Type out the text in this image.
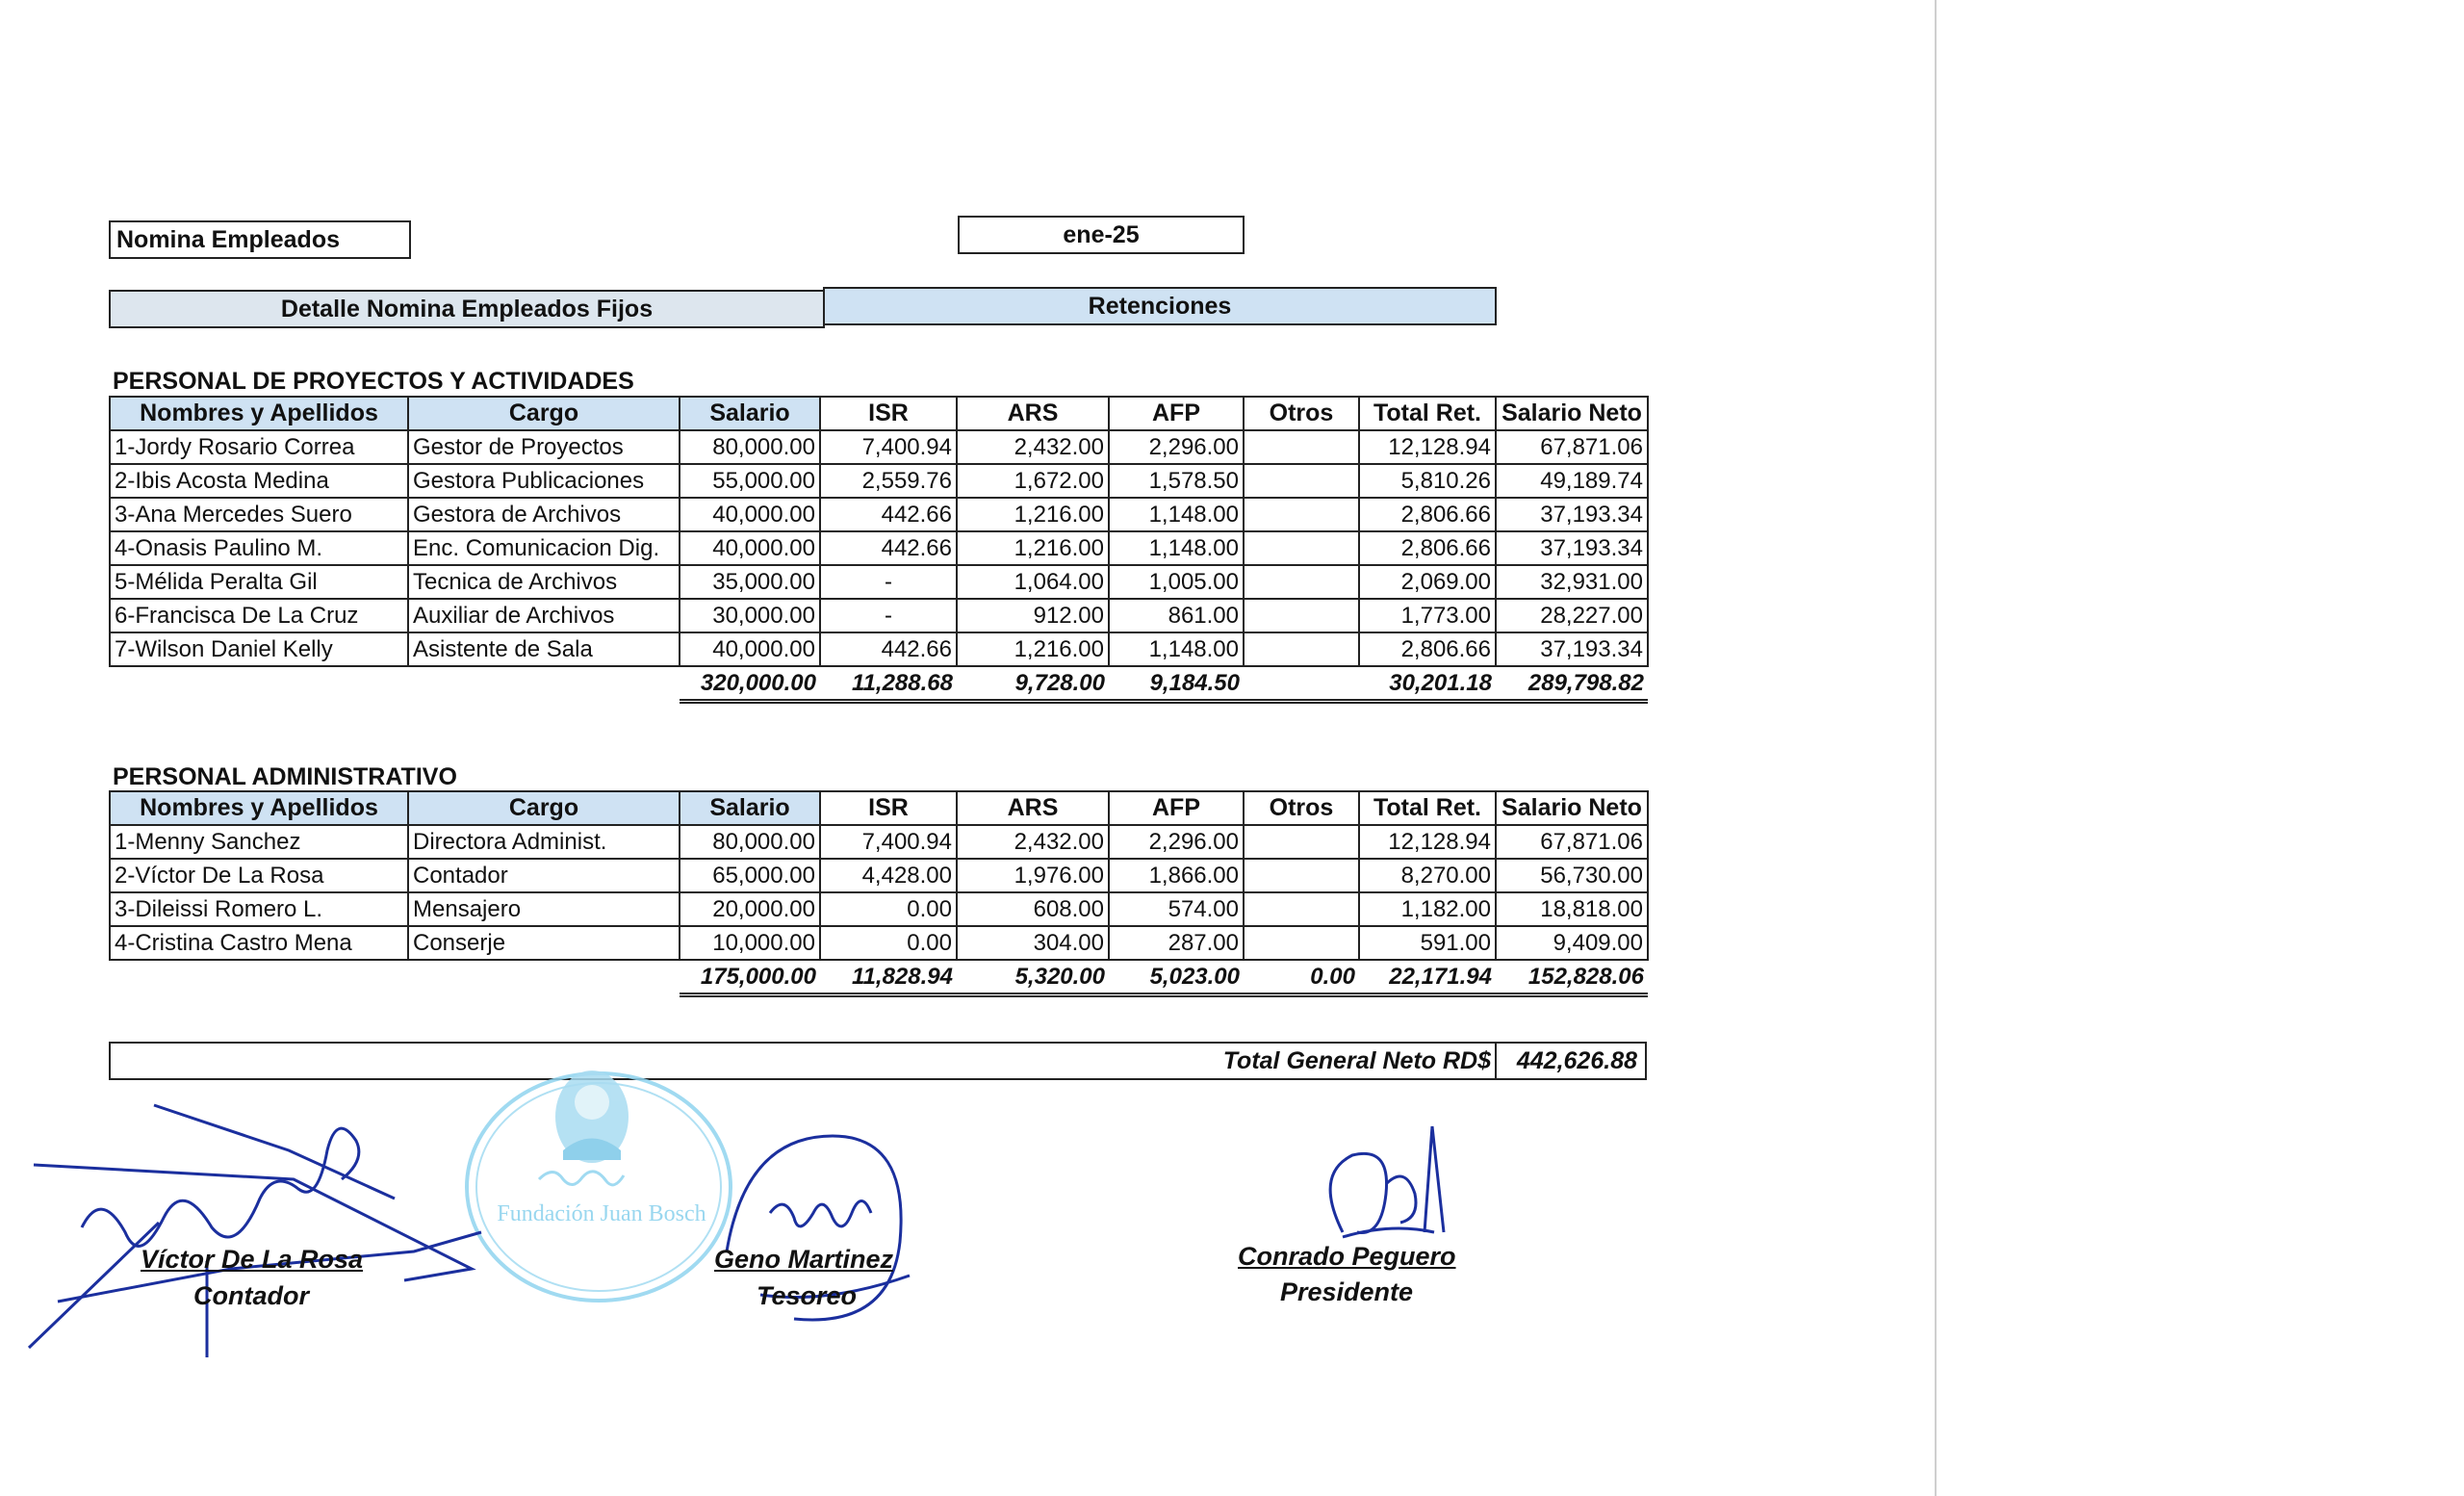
Nomina Empleados	ene-25
Detalle Nomina Empleados Fijos	Retenciones
PERSONAL DE PROYECTOS Y ACTIVIDADES
Nombres y Apellidos	Cargo	Salario	ISR	ARS	AFP	Otros	Total Ret.	Salario Neto
1-Jordy Rosario Correa	Gestor de Proyectos	80,000.00	7,400.94	2,432.00	2,296.00		12,128.94	67,871.06
2-Ibis Acosta Medina	Gestora Publicaciones	55,000.00	2,559.76	1,672.00	1,578.50		5,810.26	49,189.74
3-Ana Mercedes Suero	Gestora de Archivos	40,000.00	442.66	1,216.00	1,148.00		2,806.66	37,193.34
4-Onasis Paulino M.	Enc. Comunicacion Dig.	40,000.00	442.66	1,216.00	1,148.00		2,806.66	37,193.34
5-Mélida Peralta Gil	Tecnica de Archivos	35,000.00	-	1,064.00	1,005.00		2,069.00	32,931.00
6-Francisca De La Cruz	Auxiliar de Archivos	30,000.00	-	912.00	861.00		1,773.00	28,227.00
7-Wilson Daniel Kelly	Asistente de Sala	40,000.00	442.66	1,216.00	1,148.00		2,806.66	37,193.34
		320,000.00	11,288.68	9,728.00	9,184.50		30,201.18	289,798.82
PERSONAL ADMINISTRATIVO
Nombres y Apellidos	Cargo	Salario	ISR	ARS	AFP	Otros	Total Ret.	Salario Neto
1-Menny Sanchez	Directora Administ.	80,000.00	7,400.94	2,432.00	2,296.00		12,128.94	67,871.06
2-Víctor De La Rosa	Contador	65,000.00	4,428.00	1,976.00	1,866.00		8,270.00	56,730.00
3-Dileissi Romero L.	Mensajero	20,000.00	0.00	608.00	574.00		1,182.00	18,818.00
4-Cristina Castro Mena	Conserje	10,000.00	0.00	304.00	287.00		591.00	9,409.00
		175,000.00	11,828.94	5,320.00	5,023.00	0.00	22,171.94	152,828.06
Total General Neto RD$	442,626.88
Fundación Juan Bosch
Víctor De La Rosa
Contador
Geno Martinez
Tesoreo
Conrado Peguero
Presidente
